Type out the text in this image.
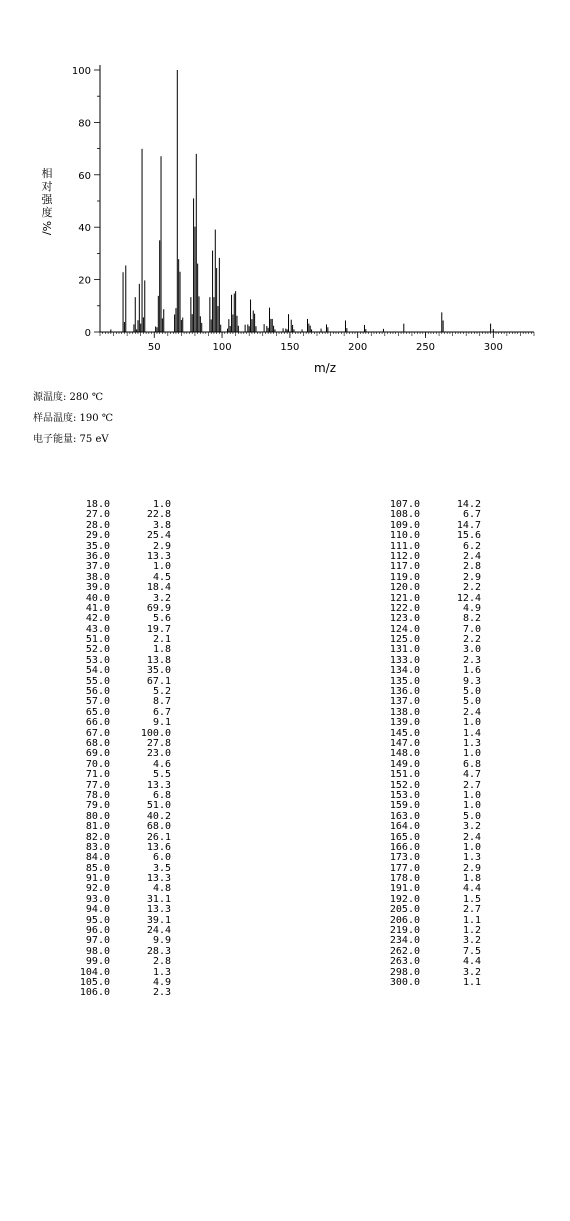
50	100	150	200	250	300
0
20
40
60
80
100
相
对
强
度
%/
m/z
源温度: 280 ℃
样品温度: 190 ℃
电子能量: 75 eV
18.0	1.0
27.0	22.8
28.0	3.8
29.0	25.4
35.0	2.9
36.0	13.3
37.0	1.0
38.0	4.5
39.0	18.4
40.0	3.2
41.0	69.9
42.0	5.6
43.0	19.7
51.0	2.1
52.0	1.8
53.0	13.8
54.0	35.0
55.0	67.1
56.0	5.2
57.0	8.7
65.0	6.7
66.0	9.1
67.0	100.0
68.0	27.8
69.0	23.0
70.0	4.6
71.0	5.5
77.0	13.3
78.0	6.8
79.0	51.0
80.0	40.2
81.0	68.0
82.0	26.1
83.0	13.6
84.0	6.0
85.0	3.5
91.0	13.3
92.0	4.8
93.0	31.1
94.0	13.3
95.0	39.1
96.0	24.4
97.0	9.9
98.0	28.3
99.0	2.8
104.0	1.3
105.0	4.9
106.0	2.3
107.0	14.2
108.0	6.7
109.0	14.7
110.0	15.6
111.0	6.2
112.0	2.4
117.0	2.8
119.0	2.9
120.0	2.2
121.0	12.4
122.0	4.9
123.0	8.2
124.0	7.0
125.0	2.2
131.0	3.0
133.0	2.3
134.0	1.6
135.0	9.3
136.0	5.0
137.0	5.0
138.0	2.4
139.0	1.0
145.0	1.4
147.0	1.3
148.0	1.0
149.0	6.8
151.0	4.7
152.0	2.7
153.0	1.0
159.0	1.0
163.0	5.0
164.0	3.2
165.0	2.4
166.0	1.0
173.0	1.3
177.0	2.9
178.0	1.8
191.0	4.4
192.0	1.5
205.0	2.7
206.0	1.1
219.0	1.2
234.0	3.2
262.0	7.5
263.0	4.4
298.0	3.2
300.0	1.1
